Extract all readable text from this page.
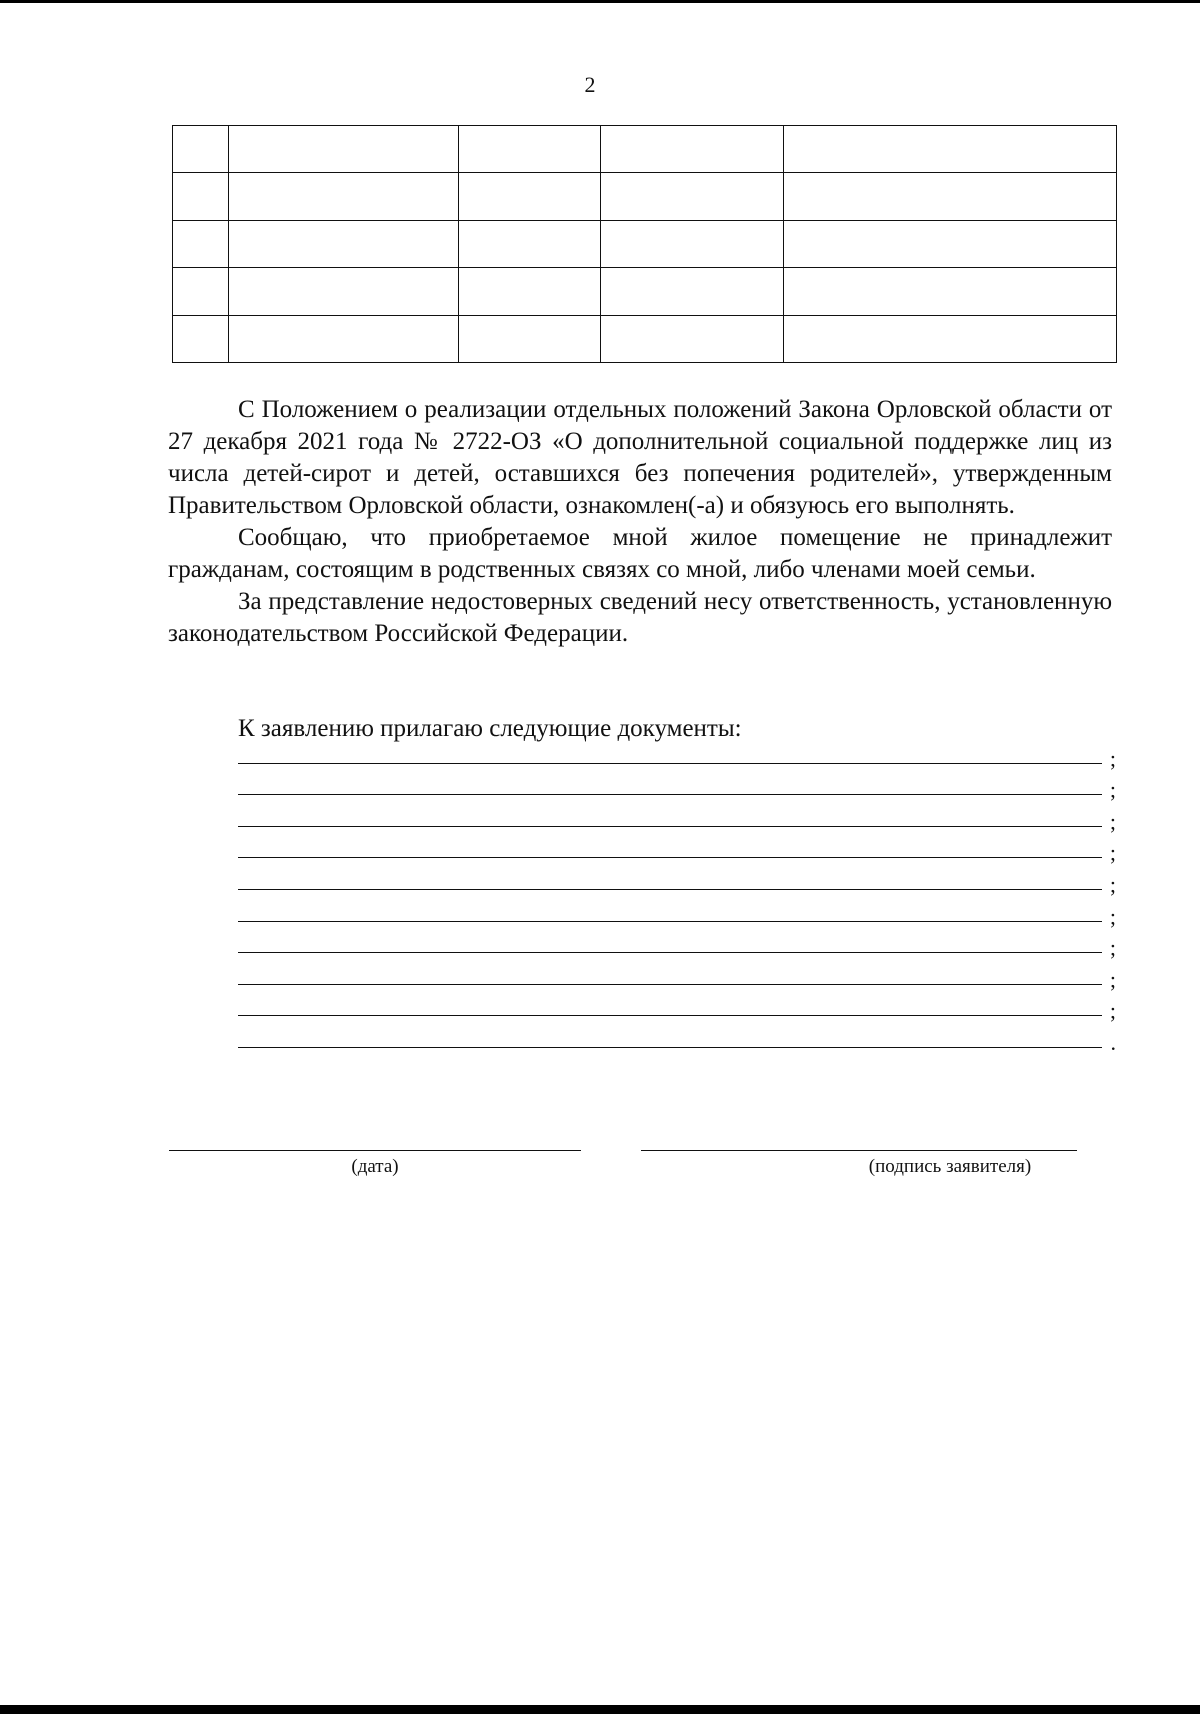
2

С Положением о реализации отдельных положений Закона Орловской области от 27 декабря 2021 года № 2722-ОЗ «О дополнительной социальной поддержке лиц из числа детей-сирот и детей, оставшихся без попечения родителей», утвержденным Правительством Орловской области, ознакомлен(-а) и обязуюсь его выполнять.

Сообщаю, что приобретаемое мной жилое помещение не принадлежит гражданам, состоящим в родственных связях со мной, либо членами моей семьи.

За представление недостоверных сведений несу ответственность, установленную законодательством Российской Федерации.

К заявлению прилагаю следующие документы:
;
;
;
;
;
;
;
;
;
.
(дата)	(подпись заявителя)
